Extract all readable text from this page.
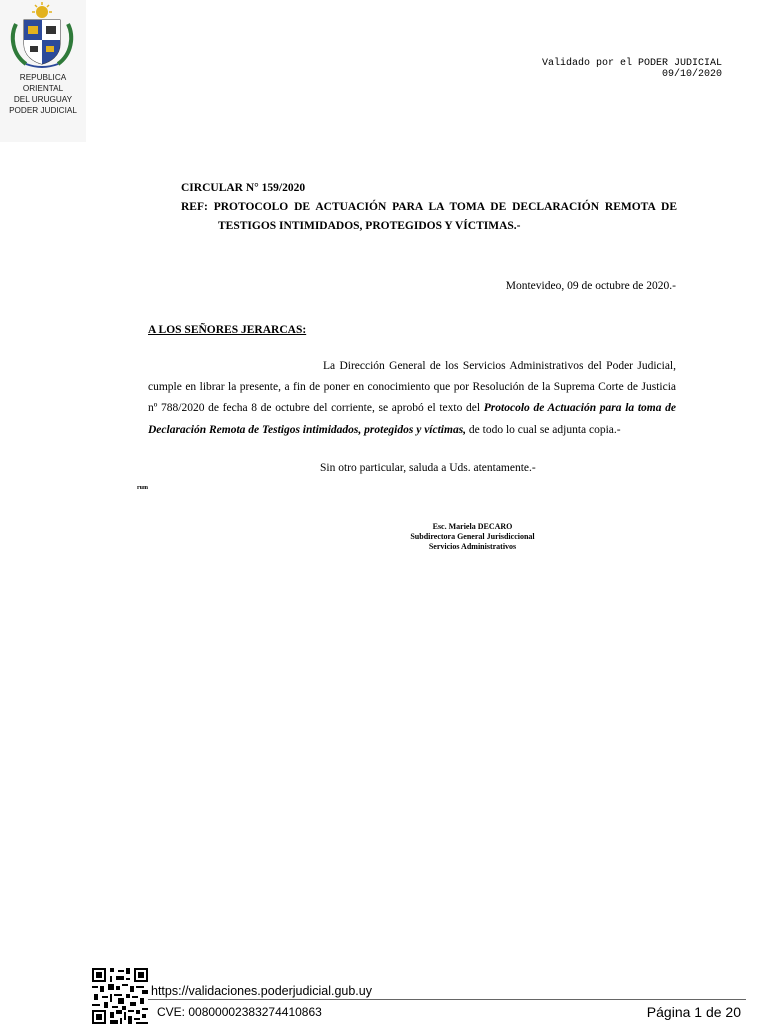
REPUBLICA ORIENTAL
DEL URUGUAY
PODER JUDICIAL
Validado por el PODER JUDICIAL
09/10/2020
CIRCULAR N° 159/2020
REF: PROTOCOLO DE ACTUACIÓN PARA LA TOMA DE DECLARACIÓN REMOTA DE
TESTIGOS INTIMIDADOS, PROTEGIDOS Y VÍCTIMAS.-
Montevideo, 09 de octubre de 2020.-
A LOS SEÑORES JERARCAS:
La Dirección General de los Servicios Administrativos del Poder Judicial, cumple en librar la presente, a fin de poner en conocimiento que por Resolución de la Suprema Corte de Justicia nº 788/2020 de fecha 8 de octubre del corriente, se aprobó el texto del Protocolo de Actuación para la toma de Declaración Remota de Testigos intimidados, protegidos y víctimas, de todo lo cual se adjunta copia.-
Sin otro particular, saluda a Uds. atentamente.-
rum
Esc. Mariela DECARO
Subdirectora General Jurisdiccional
Servicios Administrativos
https://validaciones.poderjudicial.gub.uy
CVE: 00800002383274410863	Página 1 de 20
